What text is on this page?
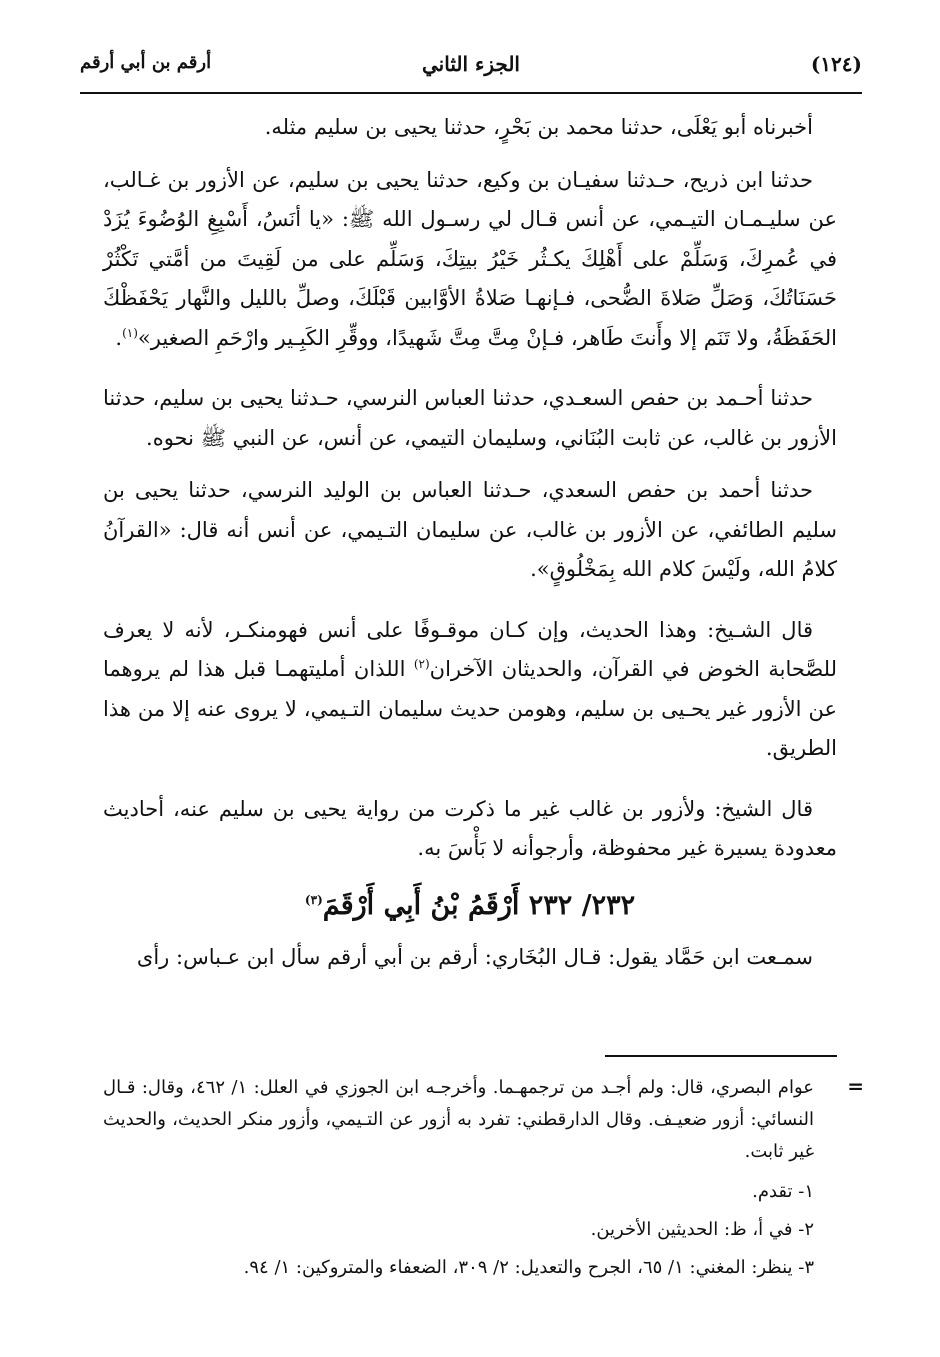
(١٢٤)
الجزء الثاني
أرقم بن أبي أرقم

أخبرناه أبو يَعْلَى، حدثنا محمد بن بَحْرٍ، حدثنا يحيى بن سليم مثله.

حدثنا ابن ذريح، حـدثنا سفيـان بن وكيع، حدثنا يحيى بن سليم، عن الأزور بن غـالب، عن سليـمـان التيـمي، عن أنس قـال لي رسـول الله ﷺ: «يا أنَسُ، أَسْبِغِ الوُضُوءَ يُزَدْ في عُمرِكَ، وَسَلِّمْ على أَهْلِكَ يكـثُر خَيْرُ بيتِكَ، وَسَلِّم على من لَقِيتَ من أمَّتي تَكْثُرْ حَسَنَاتُكَ، وَصَلِّ صَلاةَ الضُّحى، فـإنهـا صَلاةُ الأوَّابين قَبْلَكَ، وصلِّ بالليل والنَّهار يَحْفَظْكَ الحَفَظَةُ، ولا تَنَم إلا وأَنتَ طَاهر، فـإنْ مِتَّ مِتَّ شَهيدًا، ووقِّرِ الكَبِـير وارْحَمِ الصغير»$^{(١)}$.

حدثنا أحـمد بن حفص السعـدي، حدثنا العباس النرسي، حـدثنا يحيى بن سليم، حدثنا الأزور بن غالب، عن ثابت البُنَاني، وسليمان التيمي، عن أنس، عن النبي ﷺ نحوه.

حدثنا أحمد بن حفص السعدي، حـدثنا العباس بن الوليد النرسي، حدثنا يحيى بن سليم الطائفي، عن الأزور بن غالب، عن سليمان التـيمي، عن أنس أنه قال: «القرآنُ كلامُ الله، ولَيْسَ كلام الله بِمَخْلُوقٍ».

قال الشـيخ: وهذا الحديث، وإن كـان موقـوفًا على أنس فهومنكـر، لأنه لا يعرف للصَّحابة الخوض في القرآن، والحديثان الآخران$^{(٢)}$ اللذان أمليتهمـا قبل هذا لم يروهما عن الأزور غير يحـيى بن سليم، وهومن حديث سليمان التـيمي، لا يروى عنه إلا من هذا الطريق.

قال الشيخ: ولأزور بن غالب غير ما ذكرت من رواية يحيى بن سليم عنه، أحاديث معدودة يسيرة غير محفوظة، وأرجوأنه لا بَأْسَ به.

٢٣٢/ ٢٣٢ أَرْقَمُ بْنُ أَبِي أَرْقَمَ$^{(٣)}$

سمـعت ابن حَمَّاد يقول: قـال البُخَاري: أرقم بن أبي أرقم سأل ابن عـباس: رأى

=

عوام البصري، قال: ولم أجـد من ترجمهـما. وأخرجـه ابن الجوزي في العلل: ١/ ٤٦٢، وقال: قـال النسائي: أزور ضعيـف. وقال الدارقطني: تفرد به أزور عن التـيمي، وأزور منكر الحديث، والحديث غير ثابت.

١- تقدم.

٢- في أ، ظ: الحديثين الأخرين.

٣- ينظر: المغني: ١/ ٦٥، الجرح والتعديل: ٢/ ٣٠٩، الضعفاء والمتروكين: ١/ ٩٤.
